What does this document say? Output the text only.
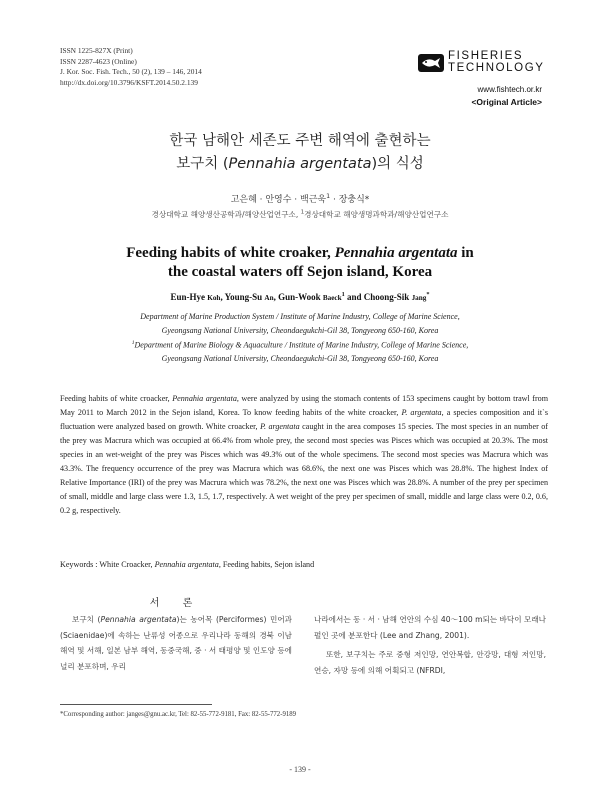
ISSN 1225-827X (Print)
ISSN 2287-4623 (Online)
J. Kor. Soc. Fish. Tech., 50 (2), 139 – 146, 2014
http://dx.doi.org/10.3796/KSFT.2014.50.2.139
FISHERIES
TECHNOLOGY
www.fishtech.or.kr
<Original Article>
한국 남해안 세존도 주변 해역에 출현하는
보구치 (Pennahia argentata)의 식성
고은혜 · 안영수 · 백근욱$^1$ · 장충식*
경상대학교 해양생산공학과/해양산업연구소, $^1$경상대학교 해양생명과학과/해양산업연구소
Feeding habits of white croaker, Pennahia argentata in
the coastal waters off Sejon island, Korea
Eun-Hye Koh, Young-Su An, Gun-Wook Baeck$^1$ and Choong-Sik Jang*
Department of Marine Production System / Institute of Marine Industry, College of Marine Science,
Gyeongsang National University, Cheondaegukchi-Gil 38, Tongyeong 650-160, Korea
$^1$Department of Marine Biology & Aquaculture / Institute of Marine Industry, College of Marine Science,
Gyeongsang National University, Cheondaegukchi-Gil 38, Tongyeong 650-160, Korea
Feeding habits of white croacker, Pennahia argentata, were analyzed by using the stomach contents of 153 specimens caught by bottom trawl from May 2011 to March 2012 in the Sejon island, Korea. To know feeding habits of the white croacker, P. argentata, a species composition and it`s fluctuation were analyzed based on growth. White croacker, P. argentata caught in the area composes 15 species. The most species in an number of the prey was Macrura which was occupied at 66.4% from whole prey, the second most species was Pisces which was occupied at 20.3%. The most species in an wet-weight of the prey was Pisces which was 49.3% out of the whole specimens. The second most species was Macrura which was 43.3%. The frequency occurrence of the prey was Macrura which was 68.6%, the next one was Pisces which was 28.8%. The highest Index of Relative Importance (IRI) of the prey was Macrura which was 78.2%, the next one was Pisces which was 28.8%. A number of the prey per specimen of small, middle and large class were 1.3, 1.5, 1.7, respectively. A wet weight of the prey per specimen of small, middle and large class were 0.2, 0.6, 0.2 g, respectively.
Keywords : White Croacker, Pennahia argentata, Feeding habits, Sejon island
서 론
보구치 (Pennahia argentata)는 농어목 (Perciformes) 민어과 (Sciaenidae)에 속하는 난류성 어종으로 우리나라 동해의 경북 이남 해역 및 서해, 일본 남부 해역, 동중국해, 중 · 서 태평양 및 인도양 등에 널리 분포하며, 우리
나라에서는 동 · 서 · 남해 연안의 수심 40～100 m되는 바닥이 모래나 펄인 곳에 분포한다 (Lee and Zhang, 2001).
또한, 보구치는 주로 중형 저인망, 연안복합, 안강망, 대형 저인망, 연승, 자망 등에 의해 어획되고 (NFRDI,
*Corresponding author: janges@gnu.ac.kr, Tel: 82-55-772-9181, Fax: 82-55-772-9189
- 139 -
